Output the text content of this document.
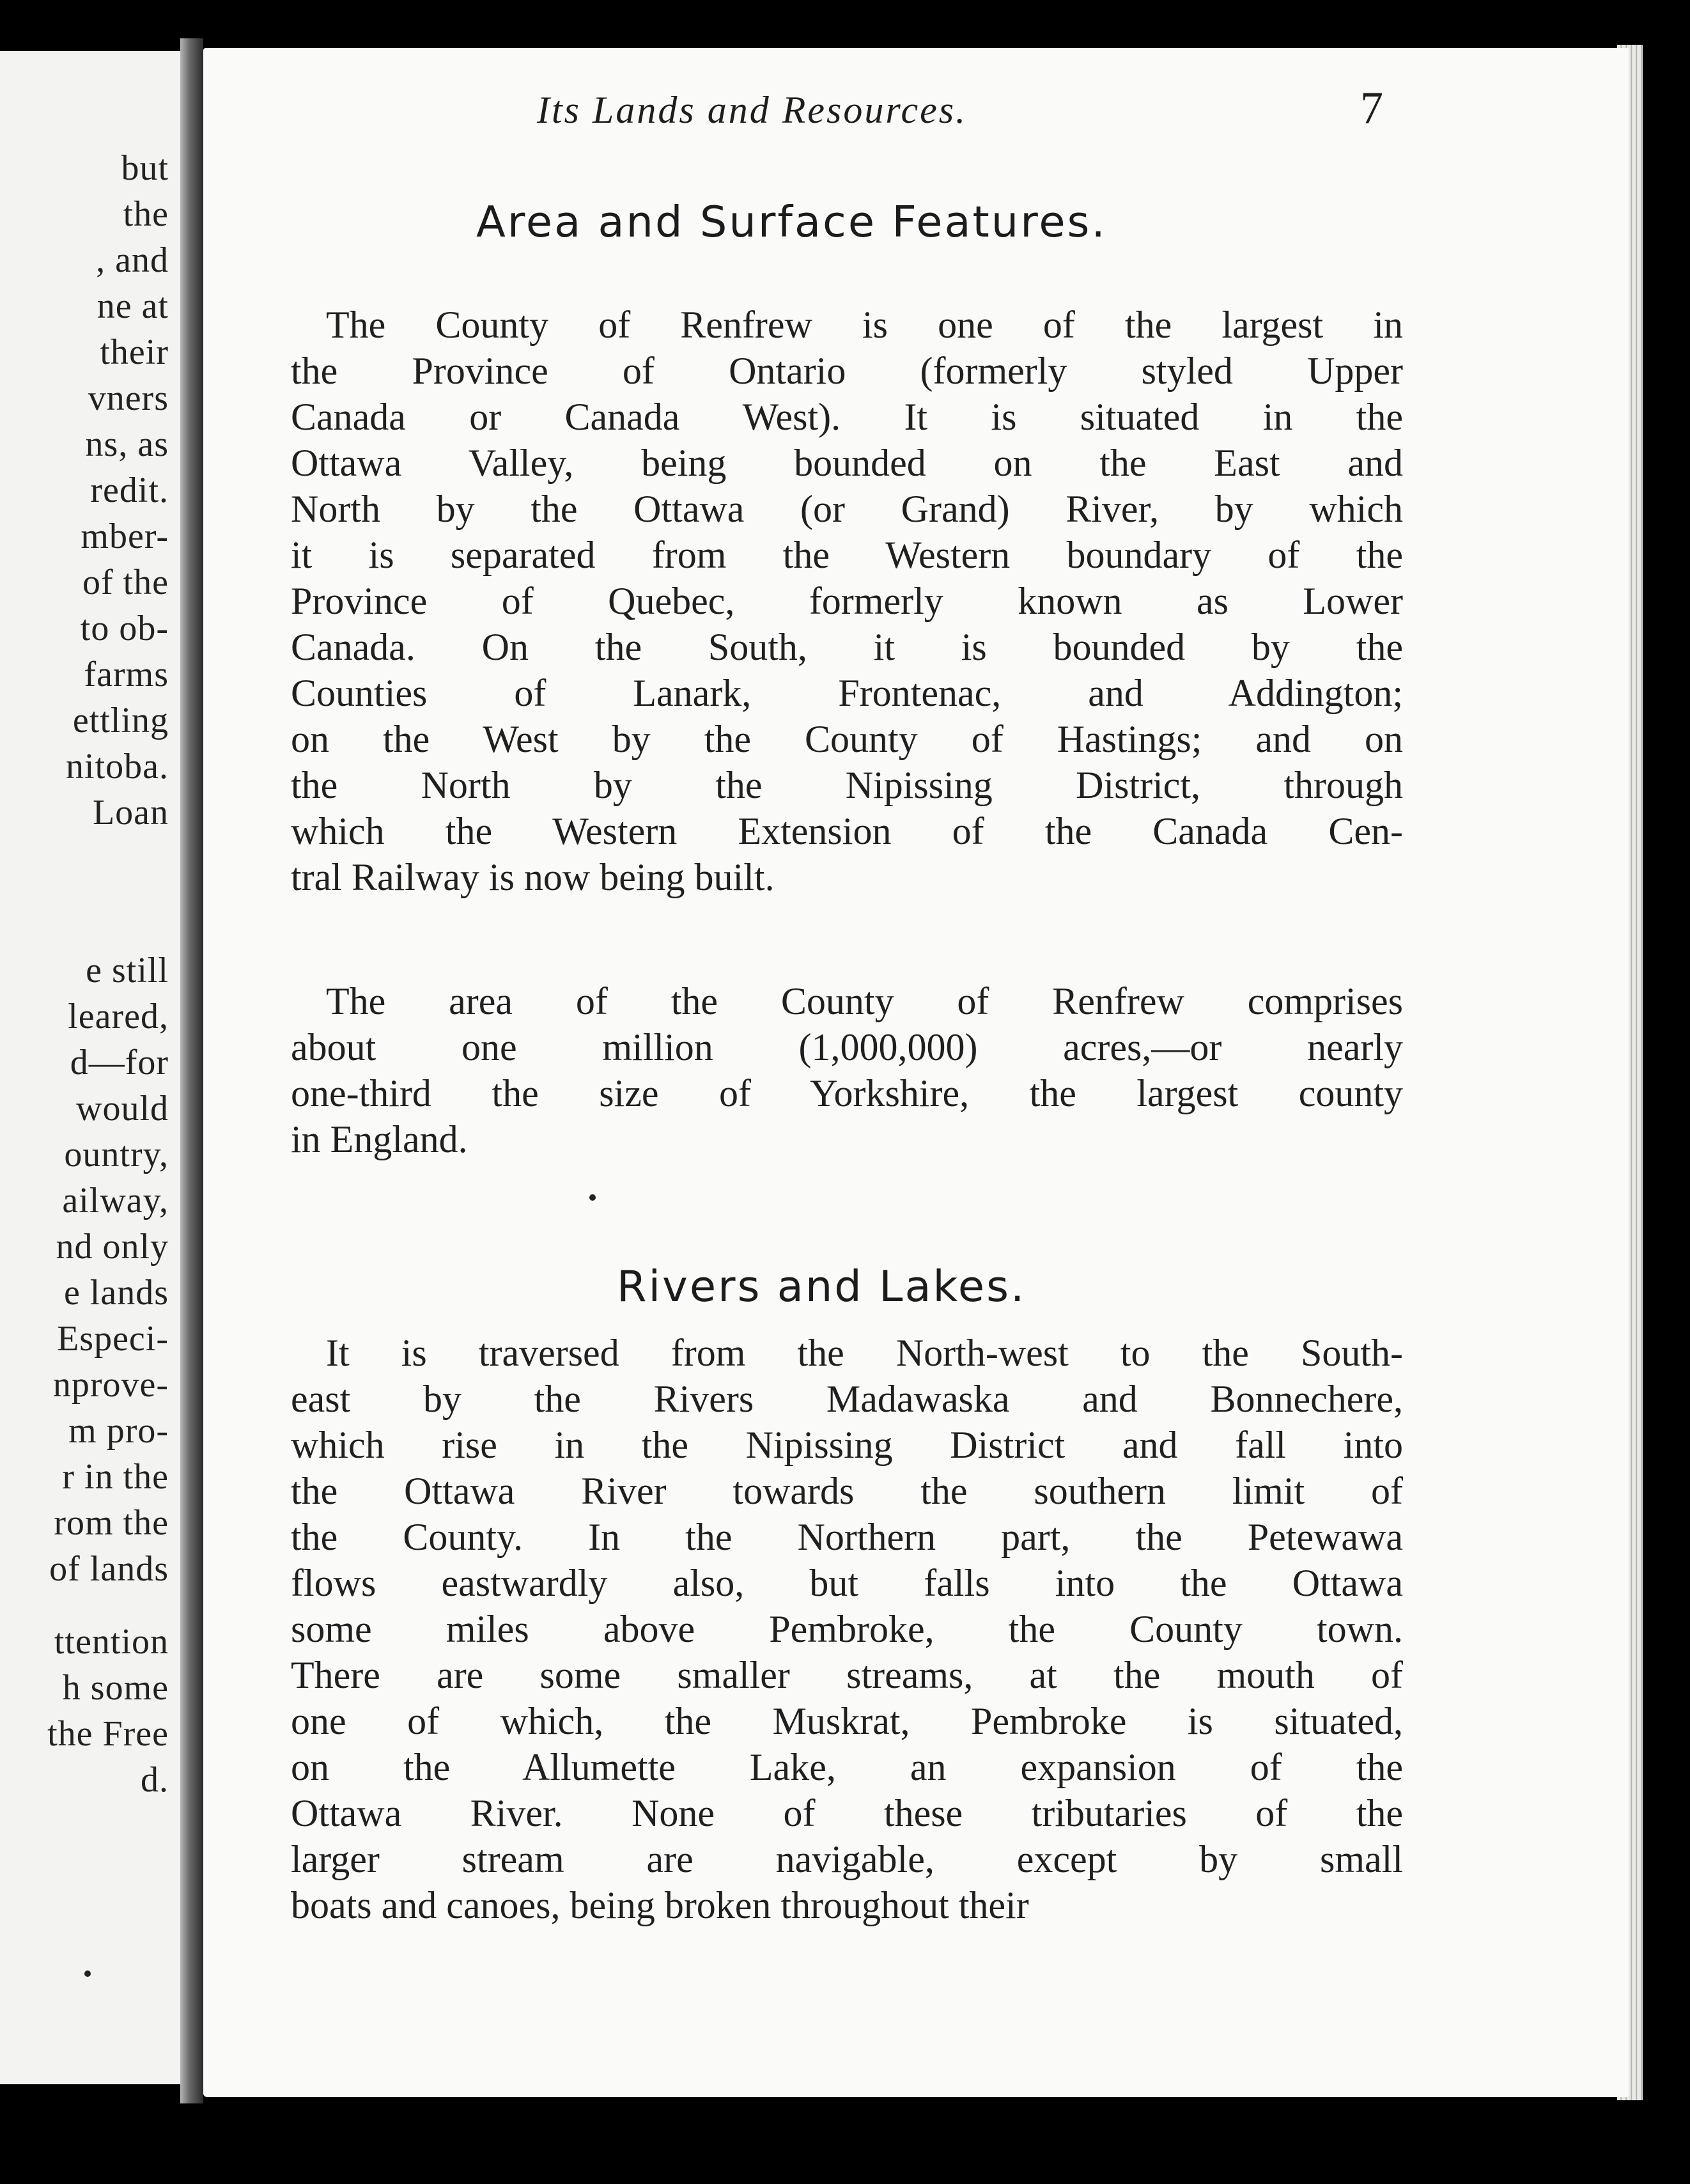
but
the
, and
ne at
their
vners
ns, as
redit.
mber-
of the
to ob-
farms
ettling
nitoba.
Loan
e still
leared,
d—for
would
ountry,
ailway,
nd only
e lands
Especi-
nprove-
m pro-
r in the
rom the
of lands
ttention
h some
the Free
d.
Its Lands and Resources.	7
Area and Surface Features.
The County of Renfrew is one of the largest in
the Province of Ontario (formerly styled Upper
Canada or Canada West). It is situated in the
Ottawa Valley, being bounded on the East and
North by the Ottawa (or Grand) River, by which
it is separated from the Western boundary of the
Province of Quebec, formerly known as Lower
Canada. On the South, it is bounded by the
Counties of Lanark, Frontenac, and Addington;
on the West by the County of Hastings; and on
the North by the Nipissing District, through
which the Western Extension of the Canada Cen-
tral Railway is now being built.
The area of the County of Renfrew comprises
about one million (1,000,000) acres,—or nearly
one-third the size of Yorkshire, the largest county
in England.
Rivers and Lakes.
It is traversed from the North-west to the South-
east by the Rivers Madawaska and Bonnechere,
which rise in the Nipissing District and fall into
the Ottawa River towards the southern limit of
the County. In the Northern part, the Petewawa
flows eastwardly also, but falls into the Ottawa
some miles above Pembroke, the County town.
There are some smaller streams, at the mouth of
one of which, the Muskrat, Pembroke is situated,
on the Allumette Lake, an expansion of the
Ottawa River. None of these tributaries of the
larger stream are navigable, except by small
boats and canoes, being broken throughout their
